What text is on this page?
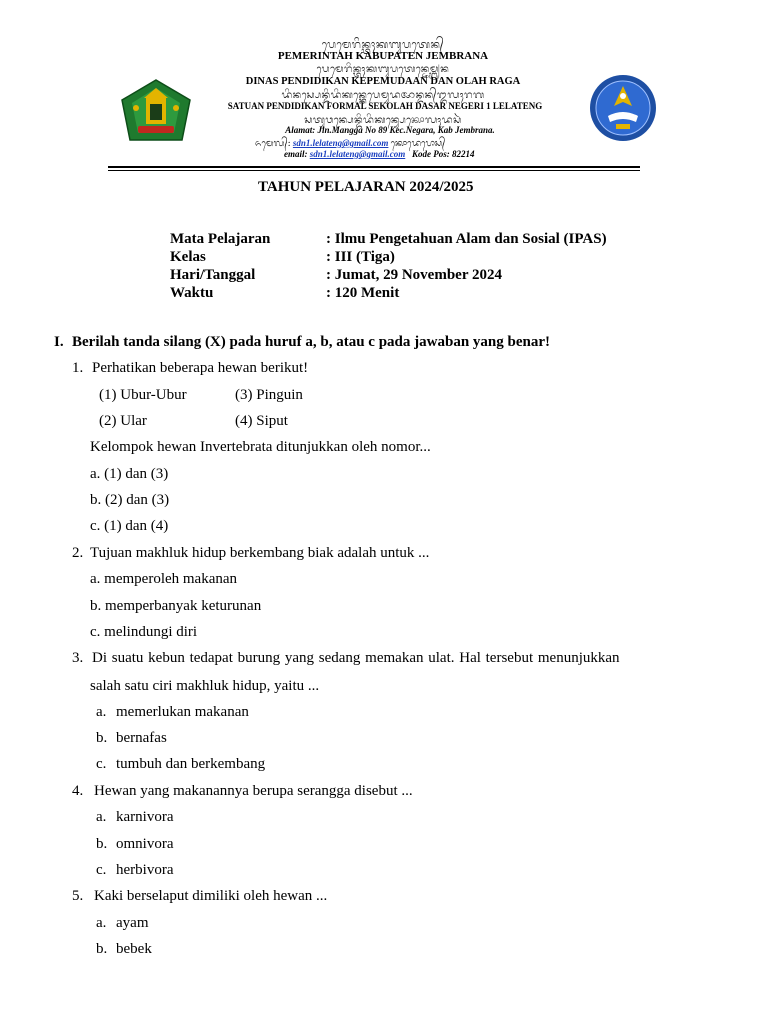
ᬧᬾᬫᬾᬭᬶᬦ᭄ᬢᬄᬓᬩᬸᬧᬢᬾᬦ᭄
PEMERINTAH KABUPATEN JEMBRANA
ᬧᬾᬫᬾᬭᬶᬦ᭄ᬢᬄᬓᬩᬸᬧᬢᬾᬦ᭄ᬚᬾᬫ᭄ᬩ᭄ᬭᬦ
DINAS PENDIDIKAN KEPEMUDAAN DAN OLAH RAGA
ᬤᬶᬦᬲ᭄ᬧᬾᬦ᭄ᬤᬶᬤᬶᬓᬦ᭄ᬓᬾᬧᬾᬫᬸᬤᬆᬦ᭄ᬤᬦ᭄ᬑᬮᬄᬭᬕ
SATUAN PENDIDIKAN FORMAL SEKOLAH DASAR NEGERI 1 LELATENG
ᬲᬢᬸᬯᬦ᭄ᬧᬾᬦ᭄ᬤᬶᬤᬶᬓᬦ᭄ᬲᬾᬓᭀᬮᬄᬤᬲᬃ
Alamat: Jln.Mangga No 89 Kec.Negara, Kab Jembrana.
ᬏᬫᬾᬮ᭄: sdn1.lelateng@gmail.com ᬓᭀᬤᬾᬧᭀᬲ᭄
email: sdn1.lelateng@gmail.com Kode Pos: 82214
TAHUN PELAJARAN 2024/2025
Mata Pelajaran	: Ilmu Pengetahuan Alam dan Sosial (IPAS)
Kelas	: III (Tiga)
Hari/Tanggal	: Jumat, 29 November 2024
Waktu	: 120 Menit
I. Berilah tanda silang (X) pada huruf a, b, atau c pada jawaban yang benar!
1. Perhatikan beberapa hewan berikut!
(1) Ubur-Ubur	(3) Pinguin
(2) Ular	(4) Siput
Kelompok hewan Invertebrata ditunjukkan oleh nomor...
a. (1) dan (3)
b. (2) dan (3)
c. (1) dan (4)
2. Tujuan makhluk hidup berkembang biak adalah untuk ...
a. memperoleh makanan
b. memperbanyak keturunan
c. melindungi diri
3. Di suatu kebun tedapat burung yang sedang memakan ulat. Hal tersebut menunjukkan
salah satu ciri makhluk hidup, yaitu ...
a. memerlukan makanan
b. bernafas
c. tumbuh dan berkembang
4. Hewan yang makanannya berupa serangga disebut ...
a. karnivora
b. omnivora
c. herbivora
5. Kaki berselaput dimiliki oleh hewan ...
a. ayam
b. bebek
